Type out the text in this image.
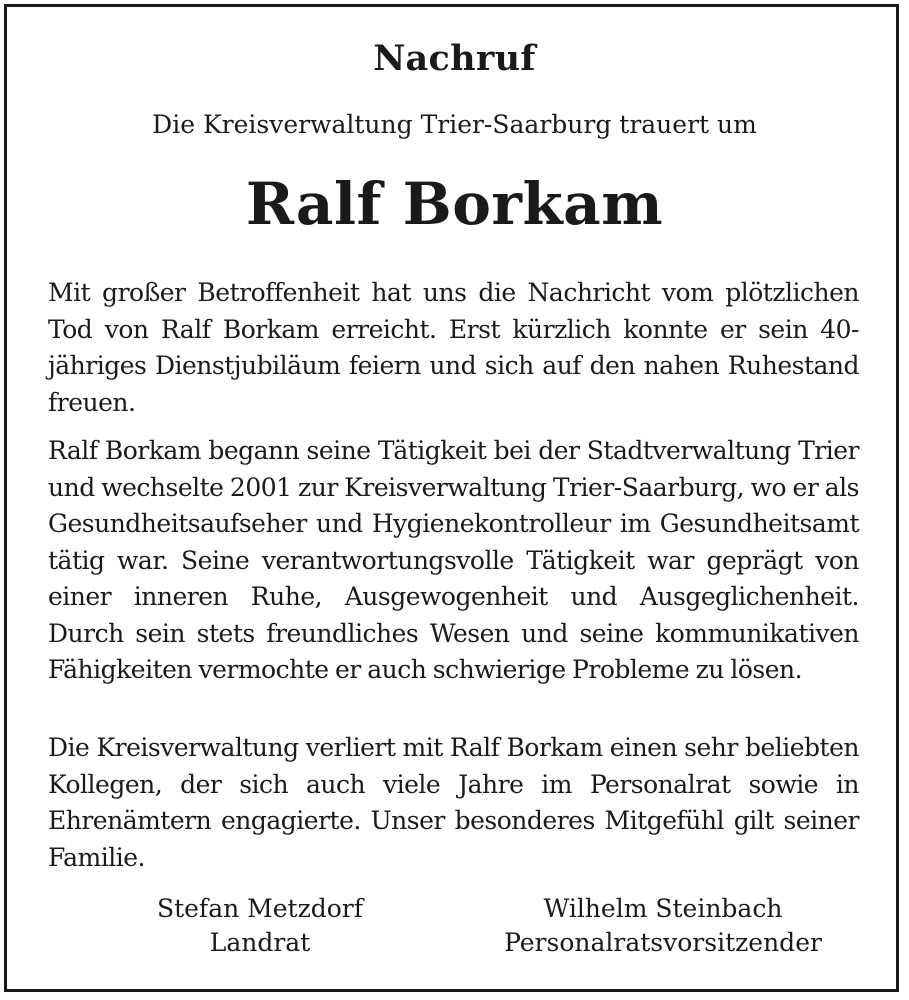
Nachruf
Die Kreisverwaltung Trier-Saarburg trauert um
Ralf Borkam
Mit großer Betroffenheit hat uns die Nachricht vom plötzlichen Tod von Ralf Borkam erreicht. Erst kürzlich konnte er sein 40-jähriges Dienstjubiläum feiern und sich auf den nahen Ruhestand freuen.
Ralf Borkam begann seine Tätigkeit bei der Stadtverwaltung Trier und wechselte 2001 zur Kreisverwaltung Trier-Saarburg, wo er als Gesundheitsaufseher und Hygienekontrolleur im Gesundheitsamt tätig war. Seine verantwortungsvolle Tätigkeit war geprägt von einer inneren Ruhe, Ausgewogenheit und Ausgeglichenheit. Durch sein stets freundliches Wesen und seine kommunikativen Fähigkeiten vermochte er auch schwierige Probleme zu lösen.
Die Kreisverwaltung verliert mit Ralf Borkam einen sehr beliebten Kollegen, der sich auch viele Jahre im Personalrat sowie in Ehrenämtern engagierte. Unser besonderes Mitgefühl gilt seiner Familie.
Stefan Metzdorf
Landrat
Wilhelm Steinbach
Personalratsvorsitzender
